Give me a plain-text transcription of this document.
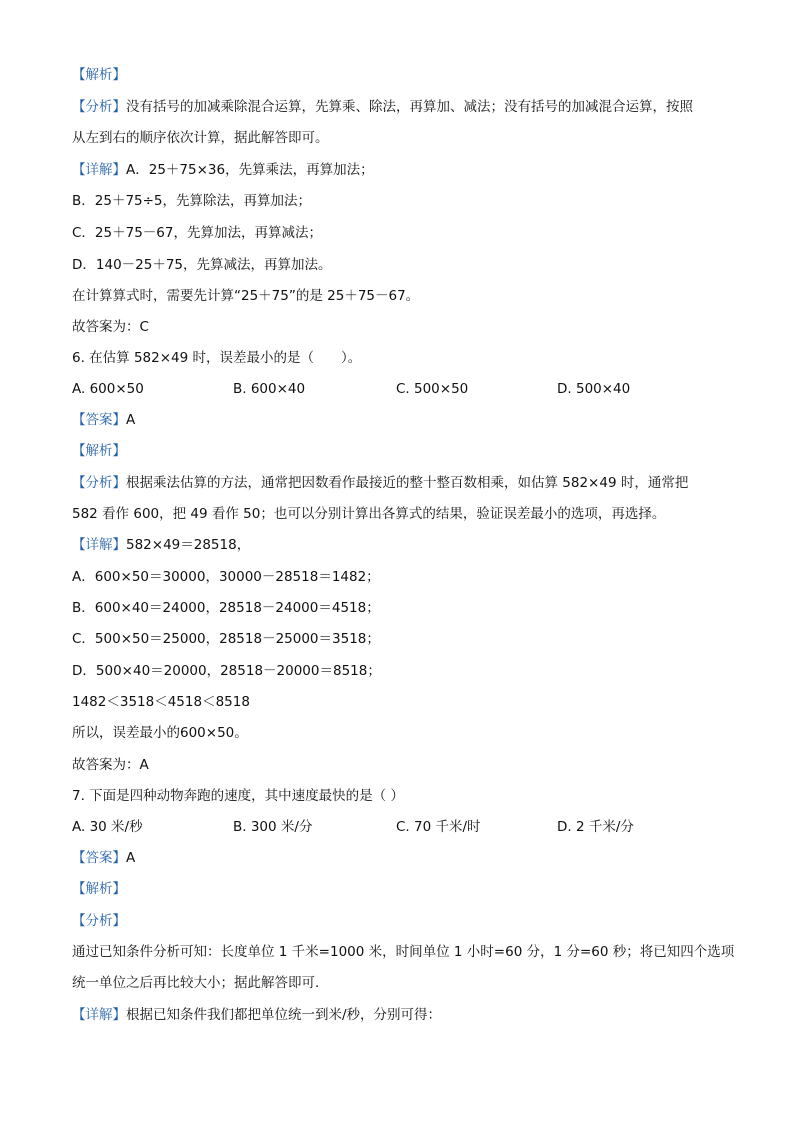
【解析】
【分析】没有括号的加减乘除混合运算，先算乘、除法，再算加、减法；没有括号的加减混合运算，按照
从左到右的顺序依次计算，据此解答即可。
【详解】A．25＋75×36，先算乘法，再算加法；
B．25＋75÷5，先算除法，再算加法；
C．25＋75－67，先算加法，再算减法；
D．140－25＋75，先算减法，再算加法。
在计算算式时，需要先计算“25＋75”的是 25＋75－67。
故答案为：C
6. 在估算 582×49 时，误差最小的是（　　）。
A. 600×50	B. 600×40	C. 500×50	D. 500×40
【答案】A
【解析】
【分析】根据乘法估算的方法，通常把因数看作最接近的整十整百数相乘，如估算 582×49 时，通常把
582 看作 600，把 49 看作 50；也可以分别计算出各算式的结果，验证误差最小的选项，再选择。
【详解】582×49＝28518，
A．600×50＝30000，30000－28518＝1482；
B．600×40＝24000，28518－24000＝4518；
C．500×50＝25000，28518－25000＝3518；
D．500×40＝20000，28518－20000＝8518；
1482＜3518＜4518＜8518
所以，误差最小的600×50。
故答案为：A
7. 下面是四种动物奔跑的速度，其中速度最快的是（ ）
A. 30 米/秒	B. 300 米/分	C. 70 千米/时	D. 2 千米/分
【答案】A
【解析】
【分析】
通过已知条件分析可知：长度单位 1 千米=1000 米，时间单位 1 小时=60 分，1 分=60 秒；将已知四个选项
统一单位之后再比较大小；据此解答即可．
【详解】根据已知条件我们都把单位统一到米/秒，分别可得：
